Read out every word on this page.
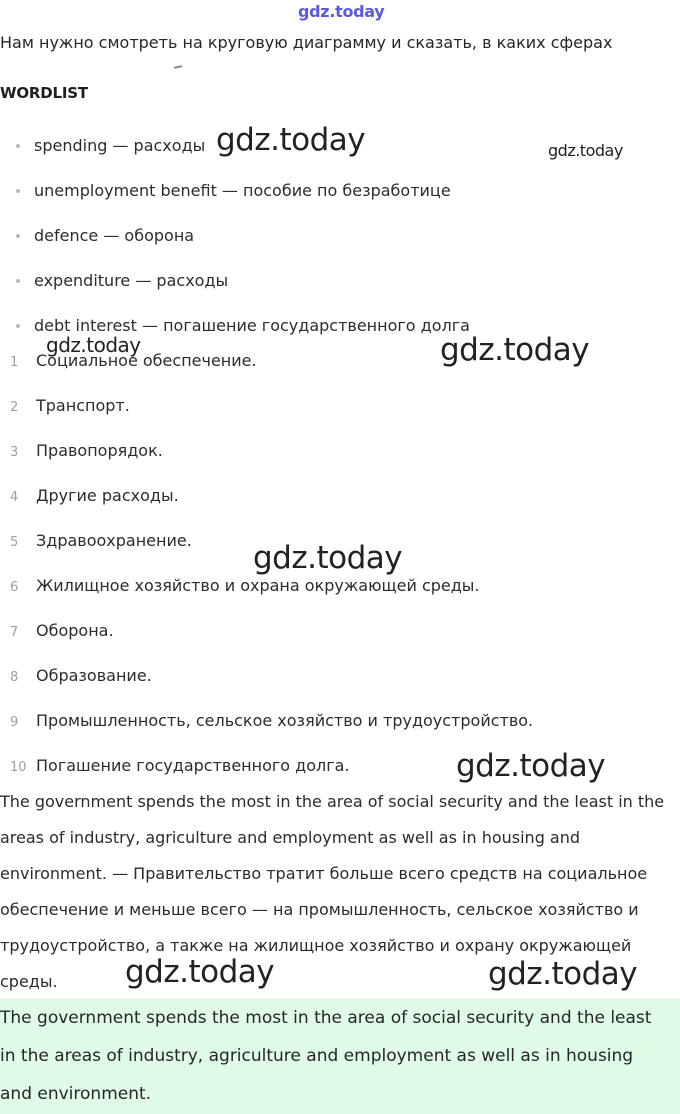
gdz.today
Нам нужно смотреть на круговую диаграмму и сказать, в каких сферах
WORDLIST
spending — расходы
unemployment benefit — пособие по безработице
defence — оборона
expenditure — расходы
debt interest — погашение государственного долга
1 Социальное обеспечение.
2 Транспорт.
3 Правопорядок.
4 Другие расходы.
5 Здравоохранение.
6 Жилищное хозяйство и охрана окружающей среды.
7 Оборона.
8 Образование.
9 Промышленность, сельское хозяйство и трудоустройство.
10 Погашение государственного долга.
The government spends the most in the area of social security and the least in the
areas of industry, agriculture and employment as well as in housing and
environment. — Правительство тратит больше всего средств на социальное
обеспечение и меньше всего — на промышленность, сельское хозяйство и
трудоустройство, а также на жилищное хозяйство и охрану окружающей
среды.
The government spends the most in the area of social security and the least
in the areas of industry, agriculture and employment as well as in housing
and environment.
gdz.today	gdz.today
gdz.today	gdz.today
gdz.today
gdz.today
gdz.today	gdz.today
